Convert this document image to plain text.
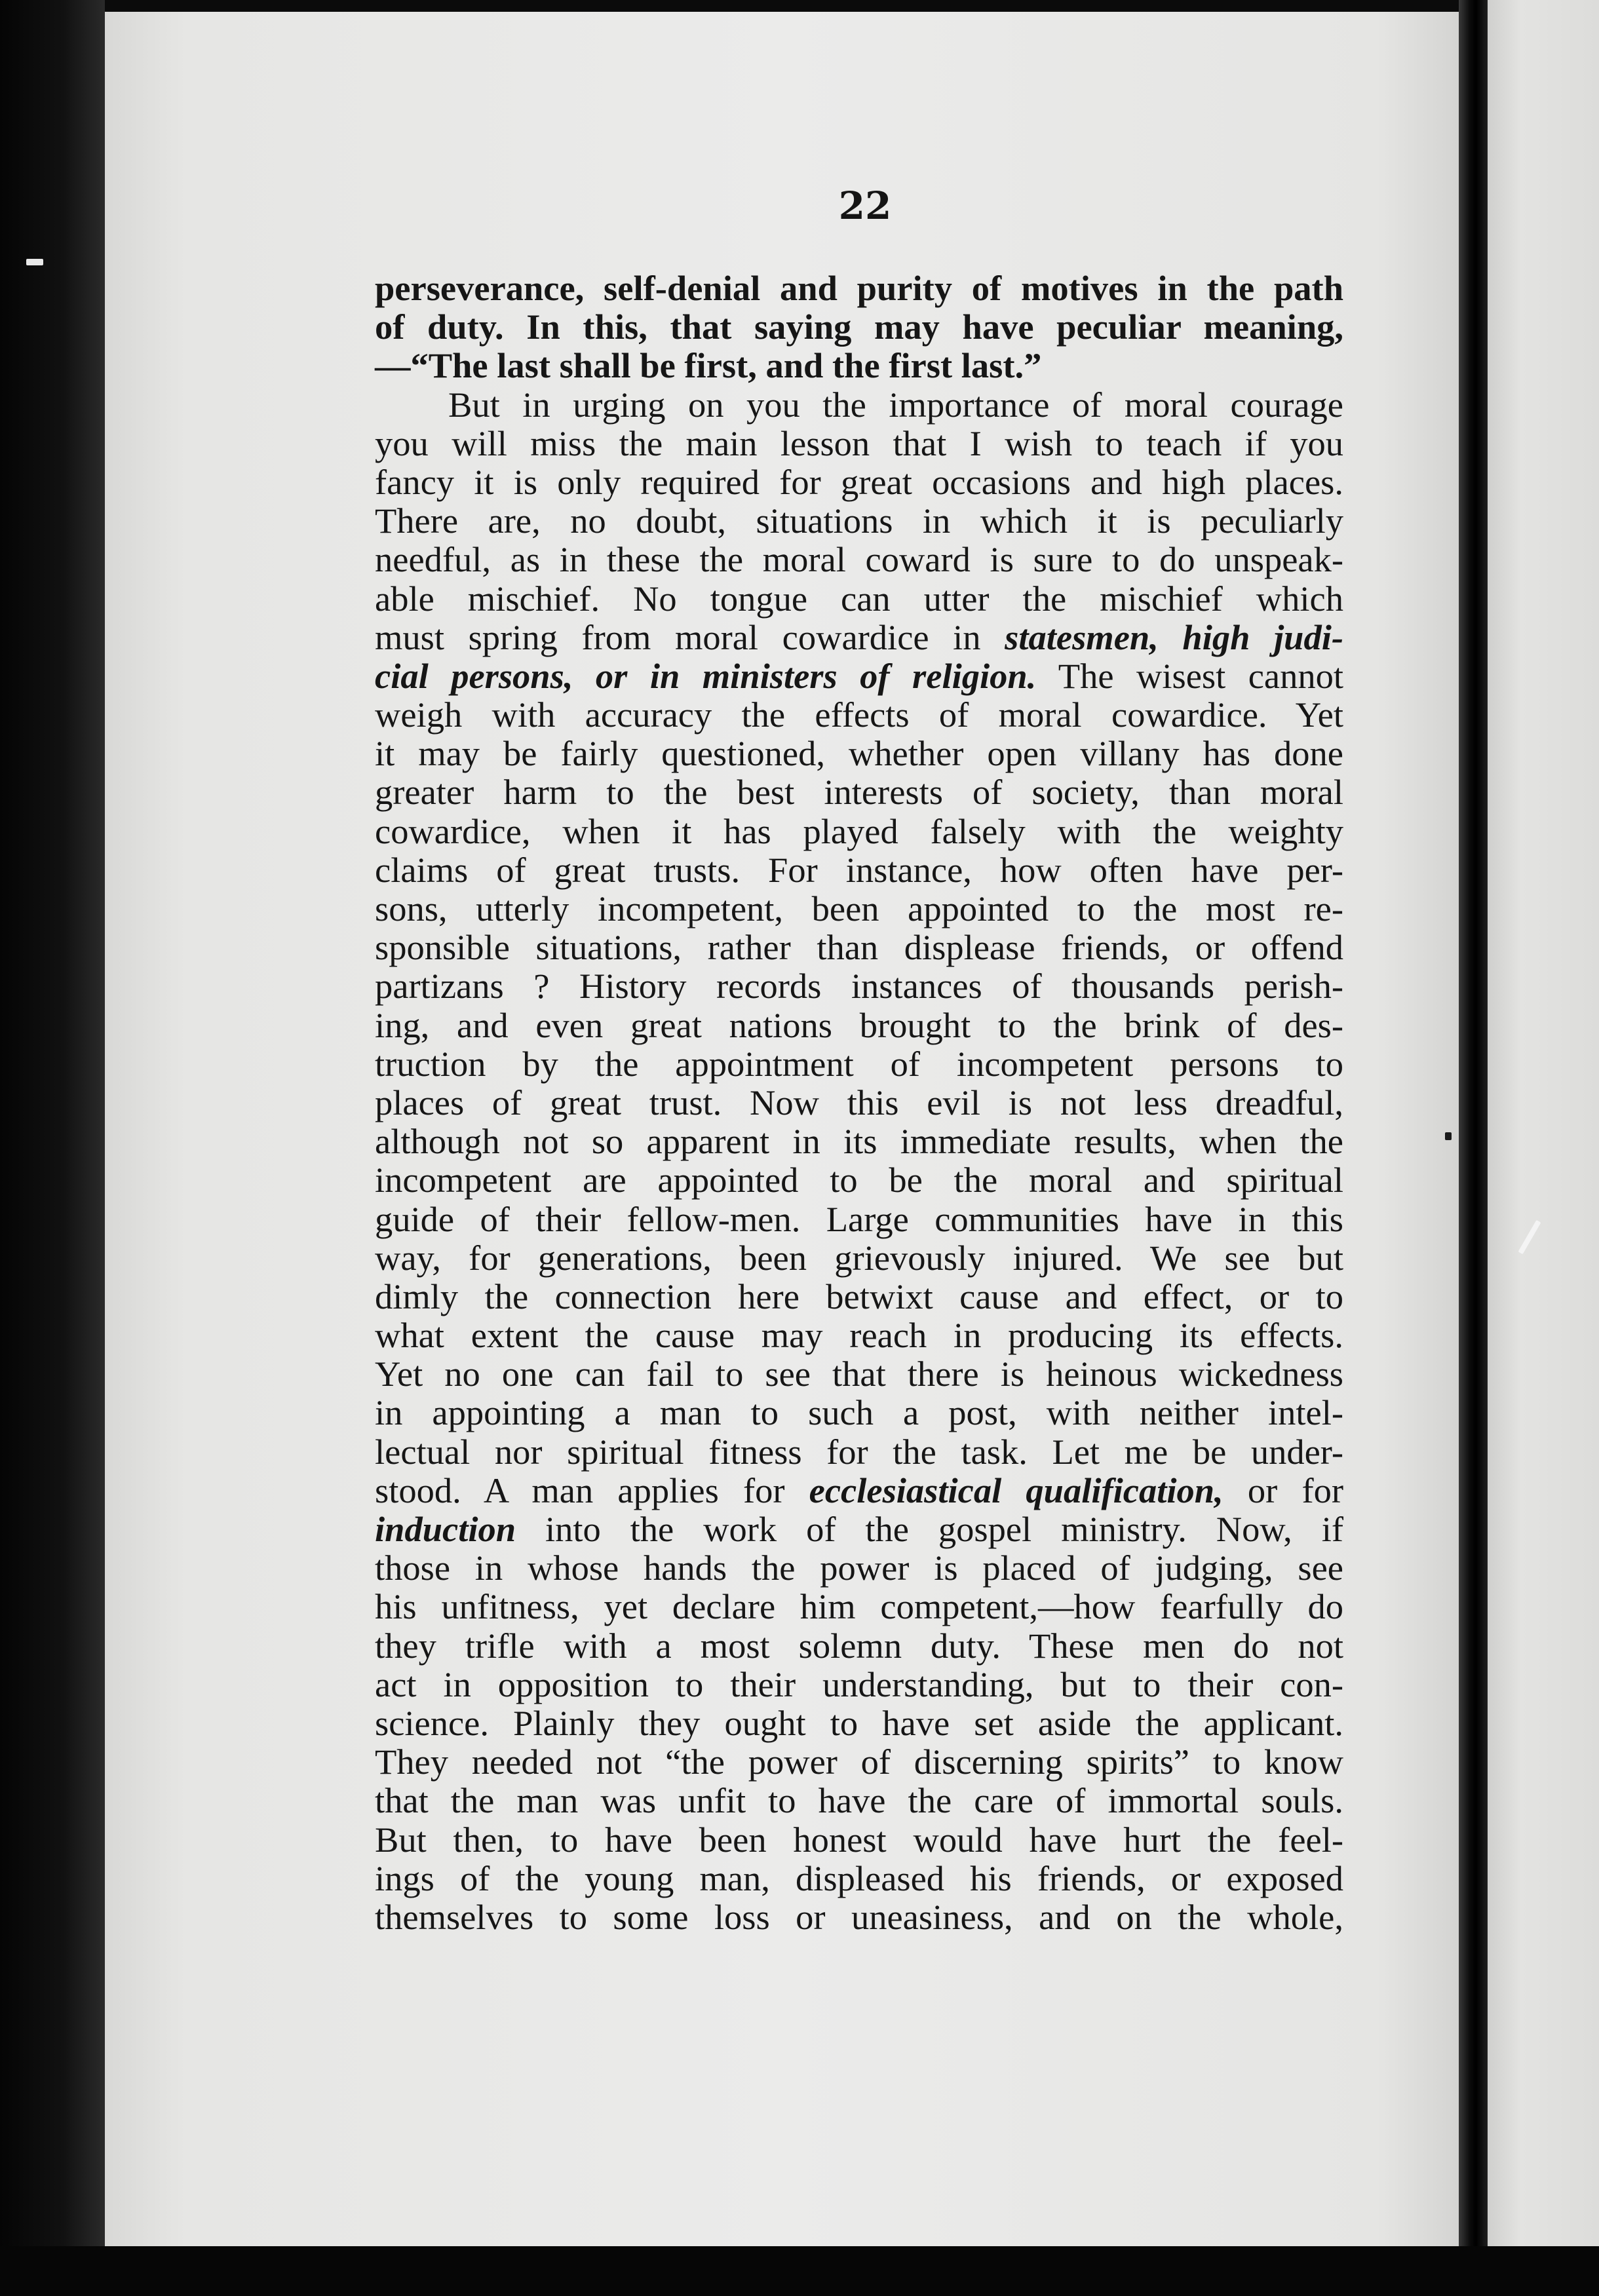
22
perseverance, self-denial and purity of motives in the path
of duty. In this, that saying may have peculiar meaning,
—“The last shall be first, and the first last.”
But in urging on you the importance of moral courage
you will miss the main lesson that I wish to teach if you
fancy it is only required for great occasions and high places.
There are, no doubt, situations in which it is peculiarly
needful, as in these the moral coward is sure to do unspeak-
able mischief. No tongue can utter the mischief which
must spring from moral cowardice in statesmen, high judi-
cial persons, or in ministers of religion. The wisest cannot
weigh with accuracy the effects of moral cowardice. Yet
it may be fairly questioned, whether open villany has done
greater harm to the best interests of society, than moral
cowardice, when it has played falsely with the weighty
claims of great trusts. For instance, how often have per-
sons, utterly incompetent, been appointed to the most re-
sponsible situations, rather than displease friends, or offend
partizans ? History records instances of thousands perish-
ing, and even great nations brought to the brink of des-
truction by the appointment of incompetent persons to
places of great trust. Now this evil is not less dreadful,
although not so apparent in its immediate results, when the
incompetent are appointed to be the moral and spiritual
guide of their fellow-men. Large communities have in this
way, for generations, been grievously injured. We see but
dimly the connection here betwixt cause and effect, or to
what extent the cause may reach in producing its effects.
Yet no one can fail to see that there is heinous wickedness
in appointing a man to such a post, with neither intel-
lectual nor spiritual fitness for the task. Let me be under-
stood. A man applies for ecclesiastical qualification, or for
induction into the work of the gospel ministry. Now, if
those in whose hands the power is placed of judging, see
his unfitness, yet declare him competent,—how fearfully do
they trifle with a most solemn duty. These men do not
act in opposition to their understanding, but to their con-
science. Plainly they ought to have set aside the applicant.
They needed not “the power of discerning spirits” to know
that the man was unfit to have the care of immortal souls.
But then, to have been honest would have hurt the feel-
ings of the young man, displeased his friends, or exposed
themselves to some loss or uneasiness, and on the whole,
